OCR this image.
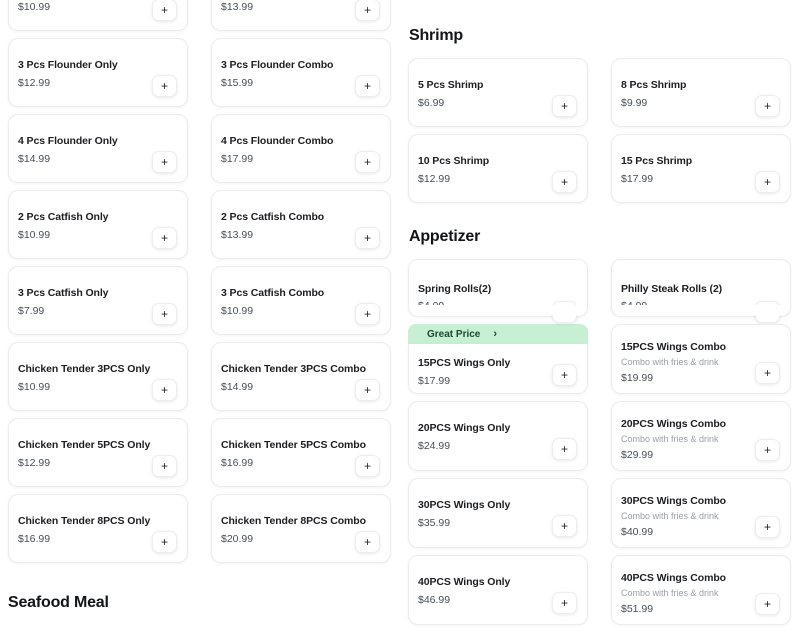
$10.99	+	$13.99	+
3 Pcs Flounder Only
$12.99	+
3 Pcs Flounder Combo
$15.99	+
4 Pcs Flounder Only
$14.99	+
4 Pcs Flounder Combo
$17.99	+
2 Pcs Catfish Only
$10.99	+
2 Pcs Catfish Combo
$13.99	+
3 Pcs Catfish Only
$7.99	+
3 Pcs Catfish Combo
$10.99	+
Chicken Tender 3PCS Only
$10.99	+
Chicken Tender 3PCS Combo
$14.99	+
Chicken Tender 5PCS Only
$12.99	+
Chicken Tender 5PCS Combo
$16.99	+
Chicken Tender 8PCS Only
$16.99	+
Chicken Tender 8PCS Combo
$20.99	+
Shrimp
5 Pcs Shrimp
$6.99	+
8 Pcs Shrimp
$9.99	+
10 Pcs Shrimp
$12.99	+
15 Pcs Shrimp
$17.99	+
Appetizer
Spring Rolls(2)	Philly Steak Rolls (2)
Great Price ›
15PCS Wings Only
$17.99	+
15PCS Wings Combo
Combo with fries & drink
$19.99	+
20PCS Wings Only
$24.99	+
20PCS Wings Combo
Combo with fries & drink
$29.99	+
30PCS Wings Only
$35.99	+
30PCS Wings Combo
Combo with fries & drink
$40.99	+
40PCS Wings Only
$46.99	+
40PCS Wings Combo
Combo with fries & drink
$51.99	+
Seafood Meal
